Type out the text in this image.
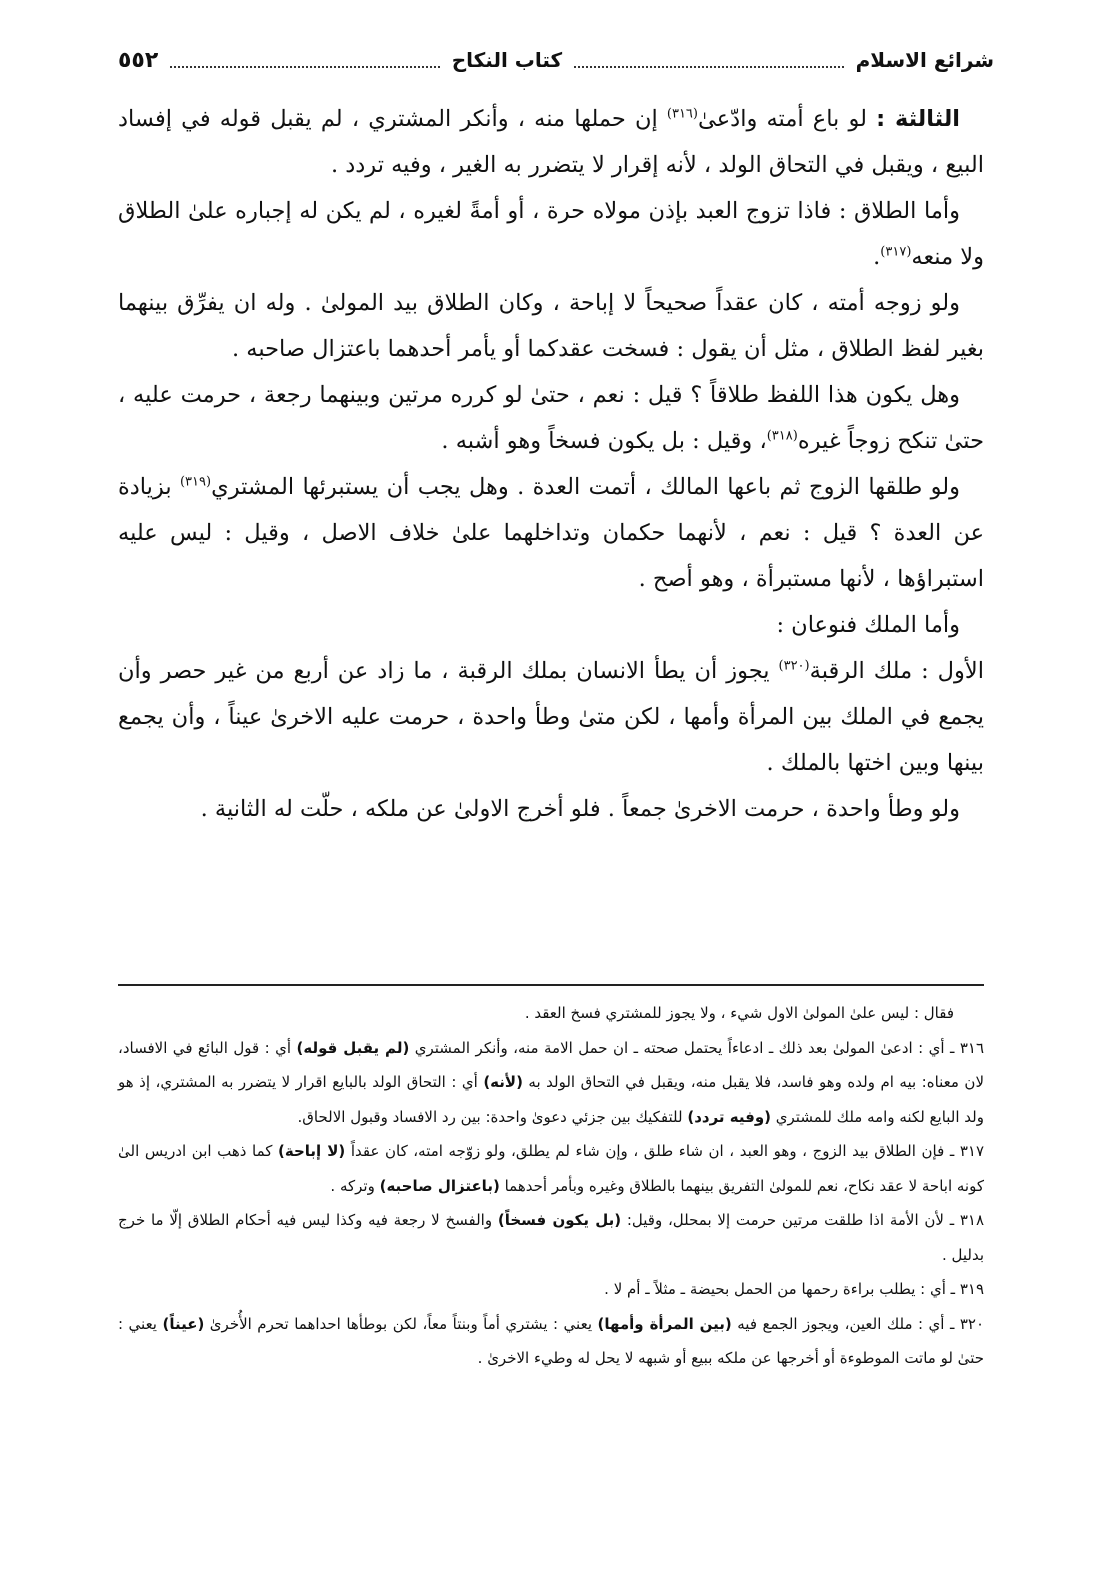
شرائع الاسلام
كتاب النكاح
٥٥٢

الثالثة : لو باع أمته وادّعىٰ$^{(٣١٦)}$ إن حملها منه ، وأنكر المشتري ، لم يقبل قوله في إفساد البيع ، ويقبل في التحاق الولد ، لأنه إقرار لا يتضرر به الغير ، وفيه تردد .

وأما الطلاق : فاذا تزوج العبد بإذن مولاه حرة ، أو أمةً لغيره ، لم يكن له إجباره علىٰ الطلاق ولا منعه$^{(٣١٧)}$.

ولو زوجه أمته ، كان عقداً صحيحاً لا إباحة ، وكان الطلاق بيد المولىٰ . وله ان يفرِّق بينهما بغير لفظ الطلاق ، مثل أن يقول : فسخت عقدكما أو يأمر أحدهما باعتزال صاحبه .

وهل يكون هذا اللفظ طلاقاً ؟ قيل : نعم ، حتىٰ لو كرره مرتين وبينهما رجعة ، حرمت عليه ، حتىٰ تنكح زوجاً غيره$^{(٣١٨)}$، وقيل : بل يكون فسخاً وهو أشبه .

ولو طلقها الزوج ثم باعها المالك ، أتمت العدة . وهل يجب أن يستبرئها المشتري$^{(٣١٩)}$ بزيادة عن العدة ؟ قيل : نعم ، لأنهما حكمان وتداخلهما علىٰ خلاف الاصل ، وقيل : ليس عليه استبراؤها ، لأنها مستبرأة ، وهو أصح .

وأما الملك فنوعان :

الأول : ملك الرقبة$^{(٣٢٠)}$ يجوز أن يطأ الانسان بملك الرقبة ، ما زاد عن أربع من غير حصر وأن يجمع في الملك بين المرأة وأمها ، لكن متىٰ وطأ واحدة ، حرمت عليه الاخرىٰ عيناً ، وأن يجمع بينها وبين اختها بالملك .

ولو وطأ واحدة ، حرمت الاخرىٰ جمعاً . فلو أخرج الاولىٰ عن ملكه ، حلّت له الثانية .

فقال : ليس علىٰ المولىٰ الاول شيء ، ولا يجوز للمشتري فسخ العقد .

٣١٦ ـ أي : ادعىٰ المولىٰ بعد ذلك ـ ادعاءاً يحتمل صحته ـ ان حمل الامة منه، وأنكر المشتري (لم يقبل قوله) أي : قول البائع في الافساد، لان معناه: بيه ام ولده وهو فاسد، فلا يقبل منه، ويقبل في التحاق الولد به (لأنه) أي : التحاق الولد بالبايع اقرار لا يتضرر به المشتري، إذ هو ولد البايع لكنه وامه ملك للمشتري (وفيه تردد) للتفكيك بين جزئي دعوىٰ واحدة: بين رد الافساد وقبول الالحاق.

٣١٧ ـ فإن الطلاق بيد الزوج ، وهو العبد ، ان شاء طلق ، وإن شاء لم يطلق، ولو زوّجه امته، كان عقداً (لا إباحة) كما ذهب ابن ادريس الىٰ كونه اباحة لا عقد نكاح، نعم للمولىٰ التفريق بينهما بالطلاق وغيره وبأمر أحدهما (باعتزال صاحبه) وتركه .

٣١٨ ـ لأن الأمة اذا طلقت مرتين حرمت إلا بمحلل، وقيل: (بل يكون فسخاً) والفسخ لا رجعة فيه وكذا ليس فيه أحكام الطلاق إلّا ما خرج بدليل .

٣١٩ ـ أي : يطلب براءة رحمها من الحمل بحيضة ـ مثلاً ـ أم لا .

٣٢٠ ـ أي : ملك العين، ويجوز الجمع فيه (بين المرأة وأمها) يعني : يشتري أماً وبنتاً معاً، لكن بوطأها احداهما تحرم الأُخرىٰ (عيناً) يعني : حتىٰ لو ماتت الموطوءة أو أخرجها عن ملكه ببيع أو شبهه لا يحل له وطيء الاخرىٰ .
